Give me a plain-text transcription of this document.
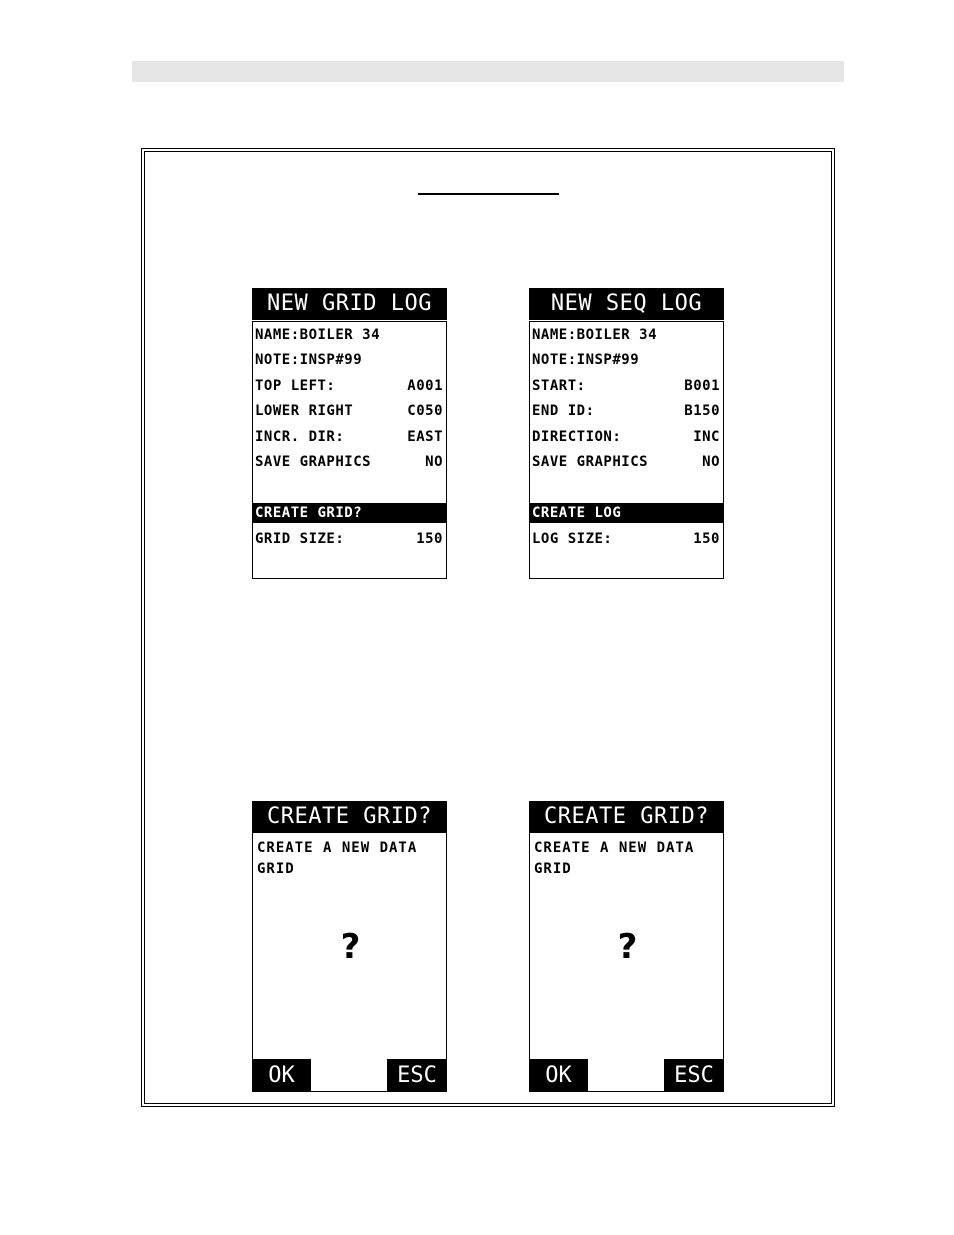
NEW GRID LOG
NAME:BOILER 34
NOTE:INSP#99
TOP LEFT:	A001
LOWER RIGHT	C050
INCR. DIR:	EAST
SAVE GRAPHICS	NO
CREATE GRID?
GRID SIZE:	150
NEW SEQ LOG
NAME:BOILER 34
NOTE:INSP#99
START:	B001
END ID:	B150
DIRECTION:	INC
SAVE GRAPHICS	NO
CREATE LOG
LOG SIZE:	150
CREATE GRID?
CREATE A NEW DATA
GRID
?
OK	ESC
CREATE GRID?
CREATE A NEW DATA
GRID
?
OK	ESC
